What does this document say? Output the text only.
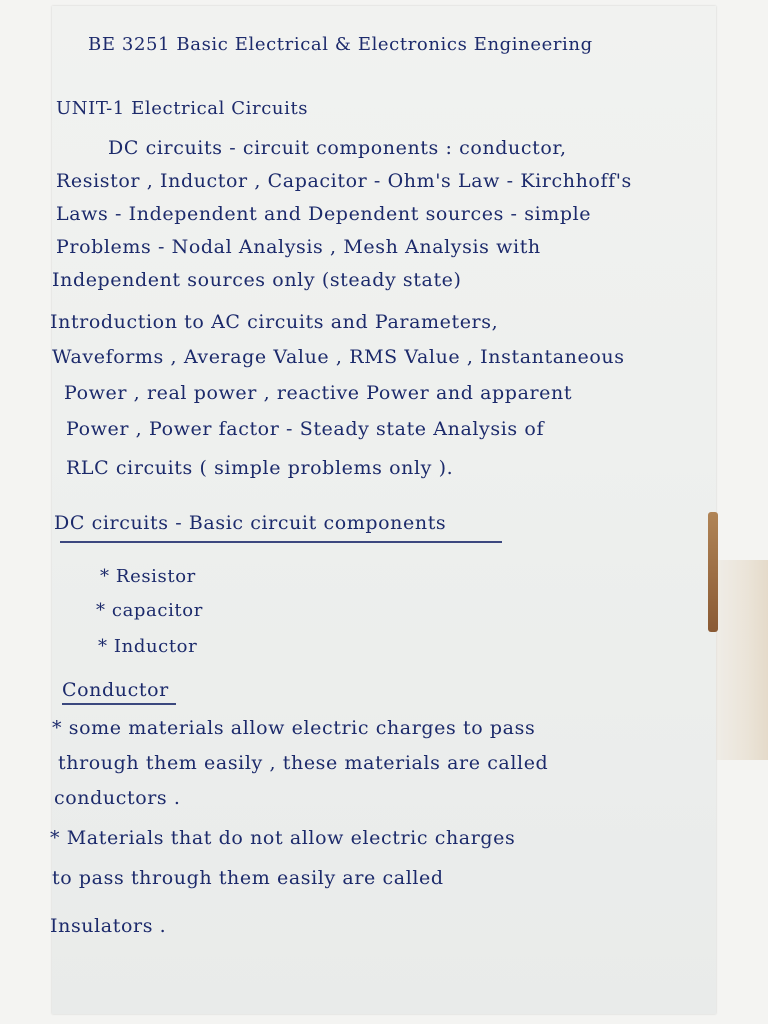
BE 3251 Basic Electrical & Electronics Engineering
UNIT-1 Electrical Circuits
DC circuits - circuit components : conductor,
Resistor , Inductor , Capacitor - Ohm's Law - Kirchhoff's
Laws - Independent and Dependent sources - simple
Problems - Nodal Analysis , Mesh Analysis with
Independent sources only (steady state)
Introduction to AC circuits and Parameters,
Waveforms , Average Value , RMS Value , Instantaneous
Power , real power , reactive Power and apparent
Power , Power factor - Steady state Analysis of
RLC circuits ( simple problems only ).
DC circuits - Basic circuit components
* Resistor
* capacitor
* Inductor
Conductor
* some materials allow electric charges to pass
through them easily , these materials are called
conductors .
* Materials that do not allow electric charges
to pass through them easily are called
Insulators .
